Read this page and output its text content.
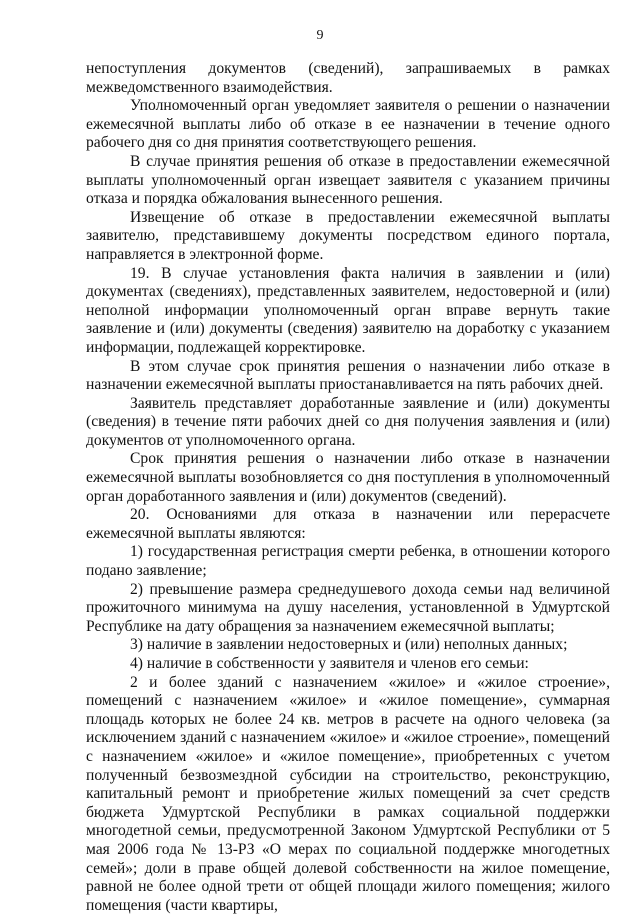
9

непоступления документов (сведений), запрашиваемых в рамках межведомственного взаимодействия.

Уполномоченный орган уведомляет заявителя о решении о назначении ежемесячной выплаты либо об отказе в ее назначении в течение одного рабочего дня со дня принятия соответствующего решения.

В случае принятия решения об отказе в предоставлении ежемесячной выплаты уполномоченный орган извещает заявителя с указанием причины отказа и порядка обжалования вынесенного решения.

Извещение об отказе в предоставлении ежемесячной выплаты заявителю, представившему документы посредством единого портала, направляется в электронной форме.

19. В случае установления факта наличия в заявлении и (или) документах (сведениях), представленных заявителем, недостоверной и (или) неполной информации уполномоченный орган вправе вернуть такие заявление и (или) документы (сведения) заявителю на доработку с указанием информации, подлежащей корректировке.

В этом случае срок принятия решения о назначении либо отказе в назначении ежемесячной выплаты приостанавливается на пять рабочих дней.

Заявитель представляет доработанные заявление и (или) документы (сведения) в течение пяти рабочих дней со дня получения заявления и (или) документов от уполномоченного органа.

Срок принятия решения о назначении либо отказе в назначении ежемесячной выплаты возобновляется со дня поступления в уполномоченный орган доработанного заявления и (или) документов (сведений).

20. Основаниями для отказа в назначении или перерасчете ежемесячной выплаты являются:

1) государственная регистрация смерти ребенка, в отношении которого подано заявление;

2) превышение размера среднедушевого дохода семьи над величиной прожиточного минимума на душу населения, установленной в Удмуртской Республике на дату обращения за назначением ежемесячной выплаты;

3) наличие в заявлении недостоверных и (или) неполных данных;

4) наличие в собственности у заявителя и членов его семьи:

2 и более зданий с назначением «жилое» и «жилое строение», помещений с назначением «жилое» и «жилое помещение», суммарная площадь которых не более 24 кв. метров в расчете на одного человека (за исключением зданий с назначением «жилое» и «жилое строение», помещений с назначением «жилое» и «жилое помещение», приобретенных с учетом полученный безвозмездной субсидии на строительство, реконструкцию, капитальный ремонт и приобретение жилых помещений за счет средств бюджета Удмуртской Республики в рамках социальной поддержки многодетной семьи, предусмотренной Законом Удмуртской Республики от 5 мая 2006 года № 13-РЗ «О мерах по социальной поддержке многодетных семей»; доли в праве общей долевой собственности на жилое помещение, равной не более одной трети от общей площади жилого помещения; жилого помещения (части квартиры,
